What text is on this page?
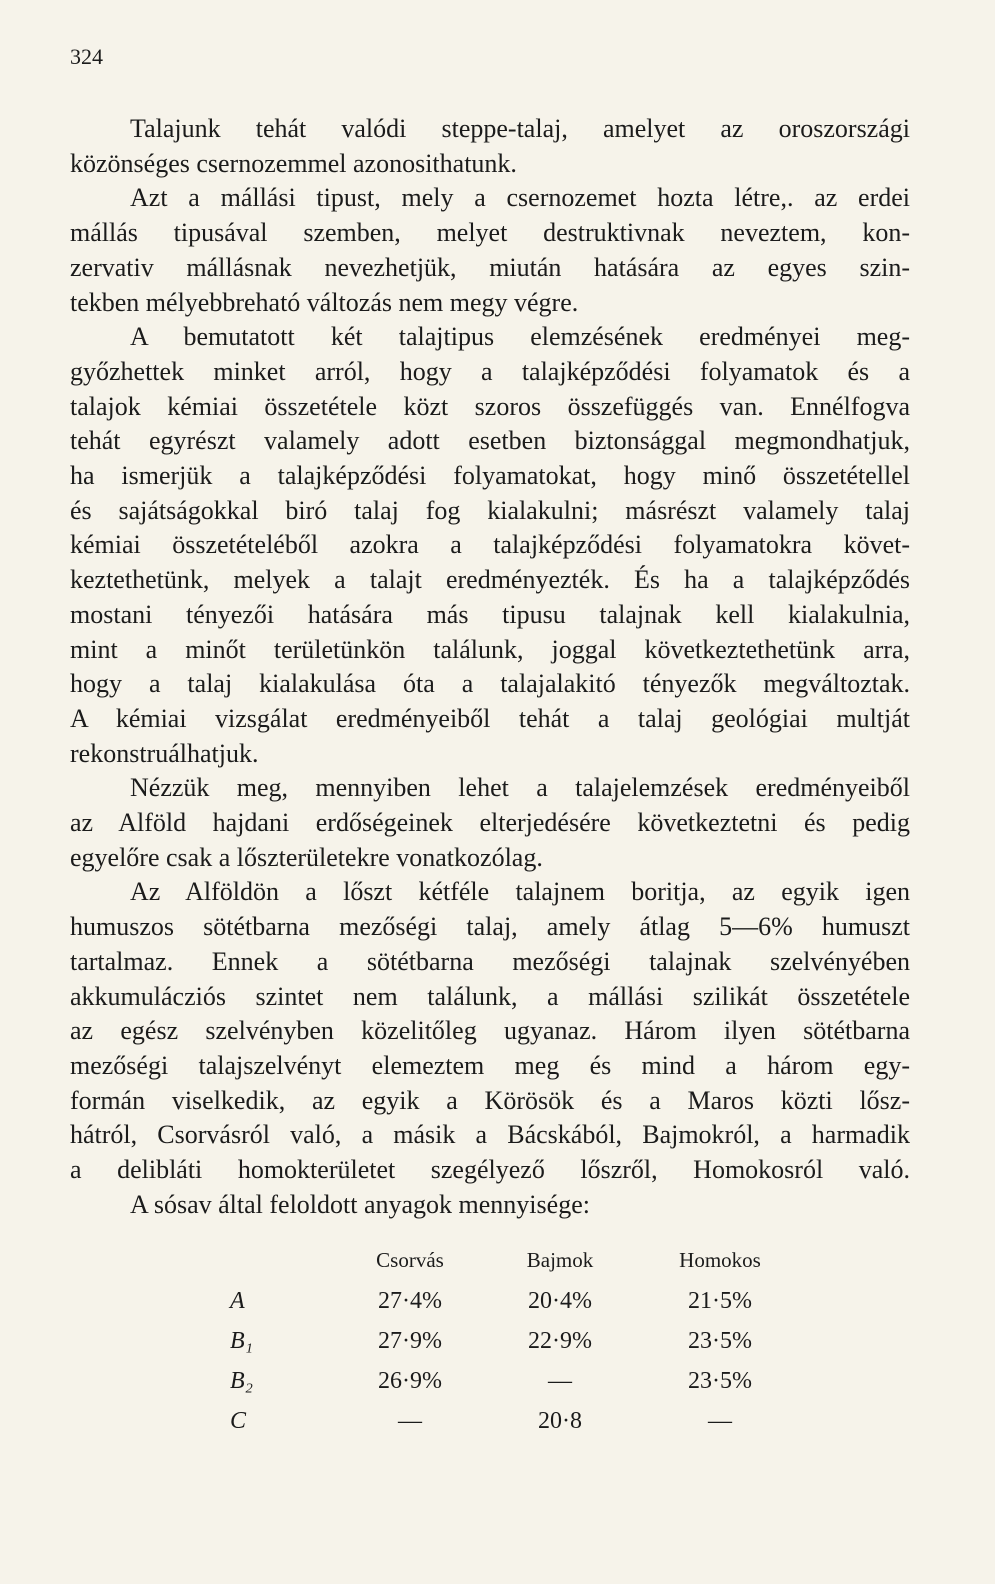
324
Talajunk tehát valódi steppe-talaj, amelyet az oroszországi
közönséges csernozemmel azonosithatunk.
Azt a mállási tipust, mely a csernozemet hozta létre,. az erdei
mállás tipusával szemben, melyet destruktivnak neveztem, kon-
zervativ mállásnak nevezhetjük, miután hatására az egyes szin-
tekben mélyebbreható változás nem megy végre.
A bemutatott két talajtipus elemzésének eredményei meg-
győzhettek minket arról, hogy a talajképződési folyamatok és a
talajok kémiai összetétele közt szoros összefüggés van. Ennélfogva
tehát egyrészt valamely adott esetben biztonsággal megmondhatjuk,
ha ismerjük a talajképződési folyamatokat, hogy minő összetétellel
és sajátságokkal biró talaj fog kialakulni; másrészt valamely talaj
kémiai összetételéből azokra a talajképződési folyamatokra követ-
keztethetünk, melyek a talajt eredményezték. És ha a talajképződés
mostani tényezői hatására más tipusu talajnak kell kialakulnia,
mint a minőt területünkön találunk, joggal következtethetünk arra,
hogy a talaj kialakulása óta a talajalakitó tényezők megváltoztak.
A kémiai vizsgálat eredményeiből tehát a talaj geológiai multját
rekonstruálhatjuk.
Nézzük meg, mennyiben lehet a talajelemzések eredményeiből
az Alföld hajdani erdőségeinek elterjedésére következtetni és pedig
egyelőre csak a lőszterületekre vonatkozólag.
Az Alföldön a lőszt kétféle talajnem boritja, az egyik igen
humuszos sötétbarna mezőségi talaj, amely átlag 5—6% humuszt
tartalmaz. Ennek a sötétbarna mezőségi talajnak szelvényében
akkumulácziós szintet nem találunk, a mállási szilikát összetétele
az egész szelvényben közelitőleg ugyanaz. Három ilyen sötétbarna
mezőségi talajszelvényt elemeztem meg és mind a három egy-
formán viselkedik, az egyik a Körösök és a Maros közti lősz-
hátról, Csorvásról való, a másik a Bácskából, Bajmokról, a harmadik
a delibláti homokterületet szegélyező lőszről, Homokosról való.
A sósav által feloldott anyagok mennyisége:
Csorvás	Bajmok	Homokos
A	27·4%	20·4%	21·5%
B₁	27·9%	22·9%	23·5%
B₂	26·9%	—	23·5%
C	—	20·8	—
